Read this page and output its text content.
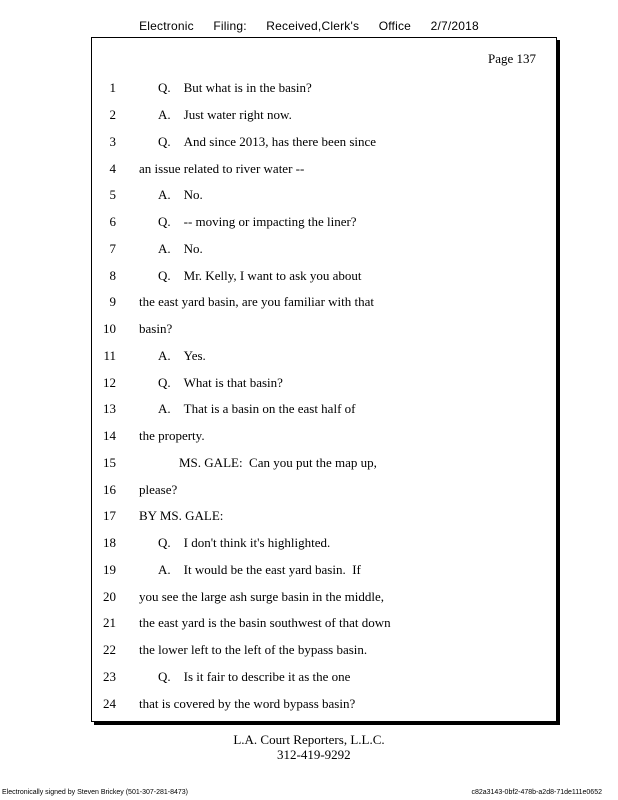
Electronic Filing: Received,Clerk's Office 2/7/2018
Page 137
1	Q. But what is in the basin?
2	A. Just water right now.
3	Q. And since 2013, has there been since
4 an issue related to river water --
5	A. No.
6	Q. -- moving or impacting the liner?
7	A. No.
8	Q. Mr. Kelly, I want to ask you about
9 the east yard basin, are you familiar with that
10 basin?
11	A. Yes.
12	Q. What is that basin?
13	A. That is a basin on the east half of
14 the property.
15	MS. GALE: Can you put the map up,
16 please?
17 BY MS. GALE:
18	Q. I don't think it's highlighted.
19	A. It would be the east yard basin. If
20 you see the large ash surge basin in the middle,
21 the east yard is the basin southwest of that down
22 the lower left to the left of the bypass basin.
23	Q. Is it fair to describe it as the one
24 that is covered by the word bypass basin?
L.A. Court Reporters, L.L.C.
312-419-9292
Electronically signed by Steven Brickey (501-307-281-8473)	c82a3143-0bf2-478b-a2d8-71de111e0652
